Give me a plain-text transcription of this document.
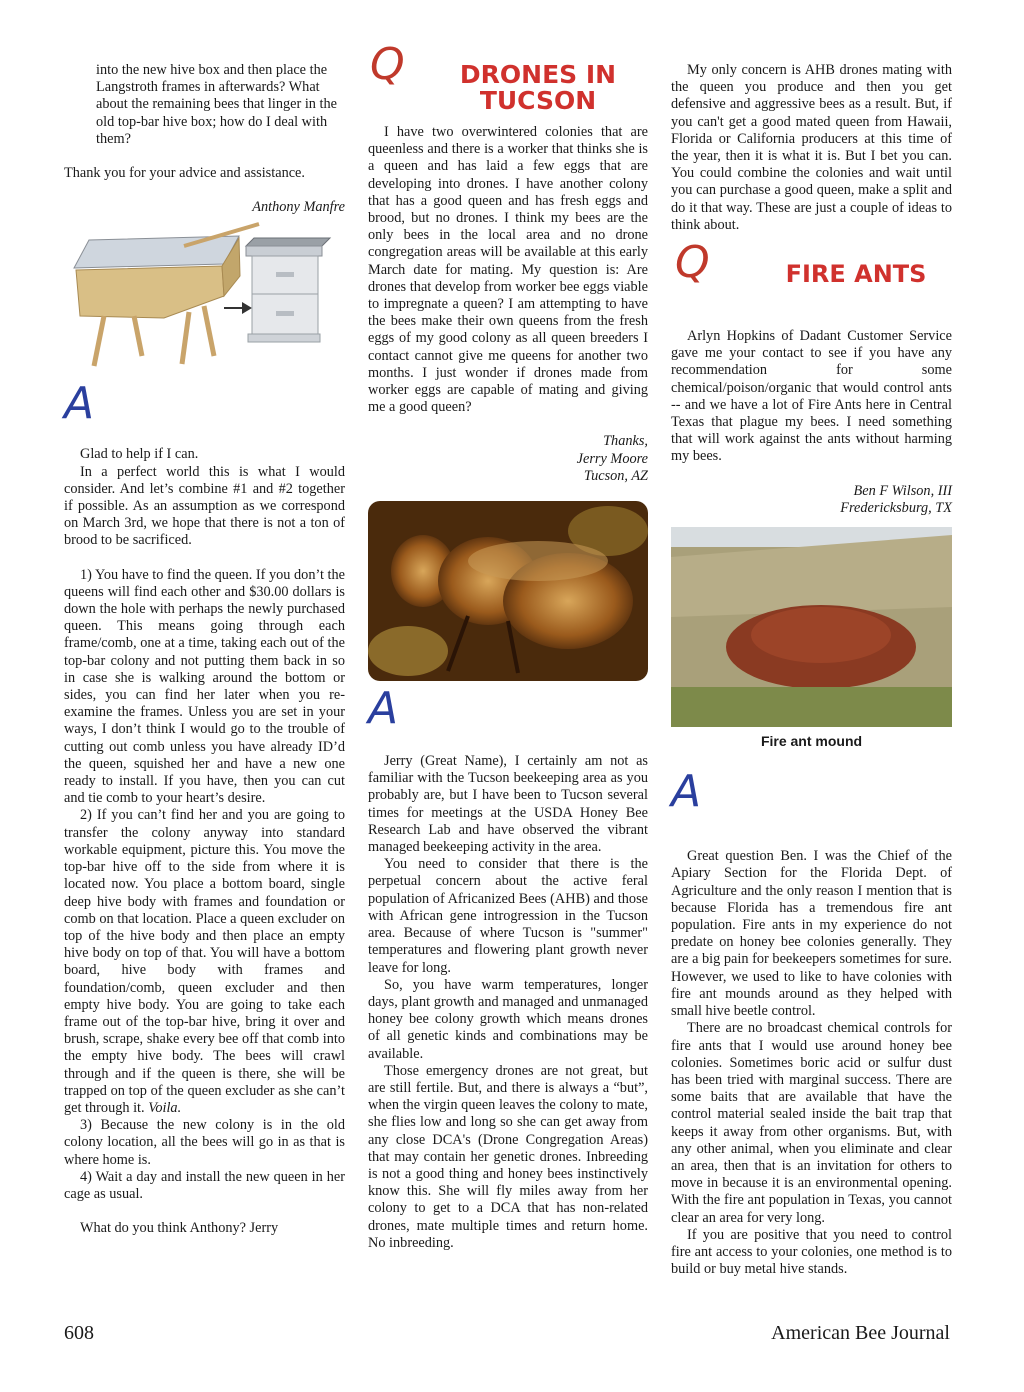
into the new hive box and then place the Langstroth frames in afterwards? What about the remaining bees that linger in the old top-bar hive box; how do I deal with them?

Thank you for your advice and assistance.

Anthony Manfre

A

Glad to help if I can.

In a perfect world this is what I would consider. And let’s combine #1 and #2 together if possible. As an assumption as we correspond on March 3rd, we hope that there is not a ton of brood to be sacrificed.

1) You have to find the queen. If you don’t the queens will find each other and $30.00 dollars is down the hole with perhaps the newly purchased queen. This means going through each frame/comb, one at a time, taking each out of the top-bar colony and not putting them back in so in case she is walking around the bottom or sides, you can find her later when you re-examine the frames. Unless you are set in your ways, I don’t think I would go to the trouble of cutting out comb unless you have already ID’d the queen, squished her and have a new one ready to install. If you have, then you can cut and tie comb to your heart’s desire.

2) If you can’t find her and you are going to transfer the colony anyway into standard workable equipment, picture this. You move the top-bar hive off to the side from where it is located now. You place a bottom board, single deep hive body with frames and foundation or comb on that location. Place a queen excluder on top of the hive body and then place an empty hive body on top of that. You will have a bottom board, hive body with frames and foundation/comb, queen excluder and then empty hive body. You are going to take each frame out of the top-bar hive, bring it over and brush, scrape, shake every bee off that comb into the empty hive body. The bees will crawl through and if the queen is there, she will be trapped on top of the queen excluder as she can’t get through it. Voila.

3) Because the new colony is in the old colony location, all the bees will go in as that is where home is.

4) Wait a day and install the new queen in her cage as usual.

What do you think Anthony? Jerry

Q	DRONES IN
TUCSON

I have two overwintered colonies that are queenless and there is a worker that thinks she is a queen and has laid a few eggs that are developing into drones. I have another colony that has a good queen and has fresh eggs and brood, but no drones. I think my bees are the only bees in the local area and no drone congregation areas will be available at this early March date for mating. My question is: Are drones that develop from worker bee eggs viable to impregnate a queen? I am attempting to have the bees make their own queens from the fresh eggs of my good colony as all queen breeders I contact cannot give me queens for another two months. I just wonder if drones made from worker eggs are capable of mating and giving me a good queen?

Thanks,

Jerry Moore

Tucson, AZ

A

Jerry (Great Name), I certainly am not as familiar with the Tucson beekeeping area as you probably are, but I have been to Tucson several times for meetings at the USDA Honey Bee Research Lab and have observed the vibrant managed beekeeping activity in the area.

You need to consider that there is the perpetual concern about the active feral population of Africanized Bees (AHB) and those with African gene introgression in the Tucson area. Because of where Tucson is "summer" temperatures and flowering plant growth never leave for long.

So, you have warm temperatures, longer days, plant growth and managed and unmanaged honey bee colony growth which means drones of all genetic kinds and combinations may be available.

Those emergency drones are not great, but are still fertile. But, and there is always a “but”, when the virgin queen leaves the colony to mate, she flies low and long so she can get away from any close DCA's (Drone Congregation Areas) that may contain her genetic drones. Inbreeding is not a good thing and honey bees instinctively know this. She will fly miles away from her colony to get to a DCA that has non-related drones, mate multiple times and return home. No inbreeding.

My only concern is AHB drones mating with the queen you produce and then you get defensive and aggressive bees as a result. But, if you can't get a good mated queen from Hawaii, Florida or California producers at this time of the year, then it is what it is. But I bet you can. You could combine the colonies and wait until you can purchase a good queen, make a split and do it that way. These are just a couple of ideas to think about.

Q	FIRE ANTS

Arlyn Hopkins of Dadant Customer Service gave me your contact to see if you have any recommendation for some chemical/poison/organic that would control ants -- and we have a lot of Fire Ants here in Central Texas that plague my bees. I need something that will work against the ants without harming my bees.

Ben F Wilson, III

Fredericksburg, TX

Fire ant mound
A

Great question Ben. I was the Chief of the Apiary Section for the Florida Dept. of Agriculture and the only reason I mention that is because Florida has a tremendous fire ant population. Fire ants in my experience do not predate on honey bee colonies generally. They are a big pain for beekeepers sometimes for sure. However, we used to like to have colonies with fire ant mounds around as they helped with small hive beetle control.

There are no broadcast chemical controls for fire ants that I would use around honey bee colonies. Sometimes boric acid or sulfur dust has been tried with marginal success. There are some baits that are available that have the control material sealed inside the bait trap that keeps it away from other organisms. But, with any other animal, when you eliminate and clear an area, then that is an invitation for others to move in because it is an environmental opening. With the fire ant population in Texas, you cannot clear an area for very long.

If you are positive that you need to control fire ant access to your colonies, one method is to build or buy metal hive stands.

608	American Bee Journal
